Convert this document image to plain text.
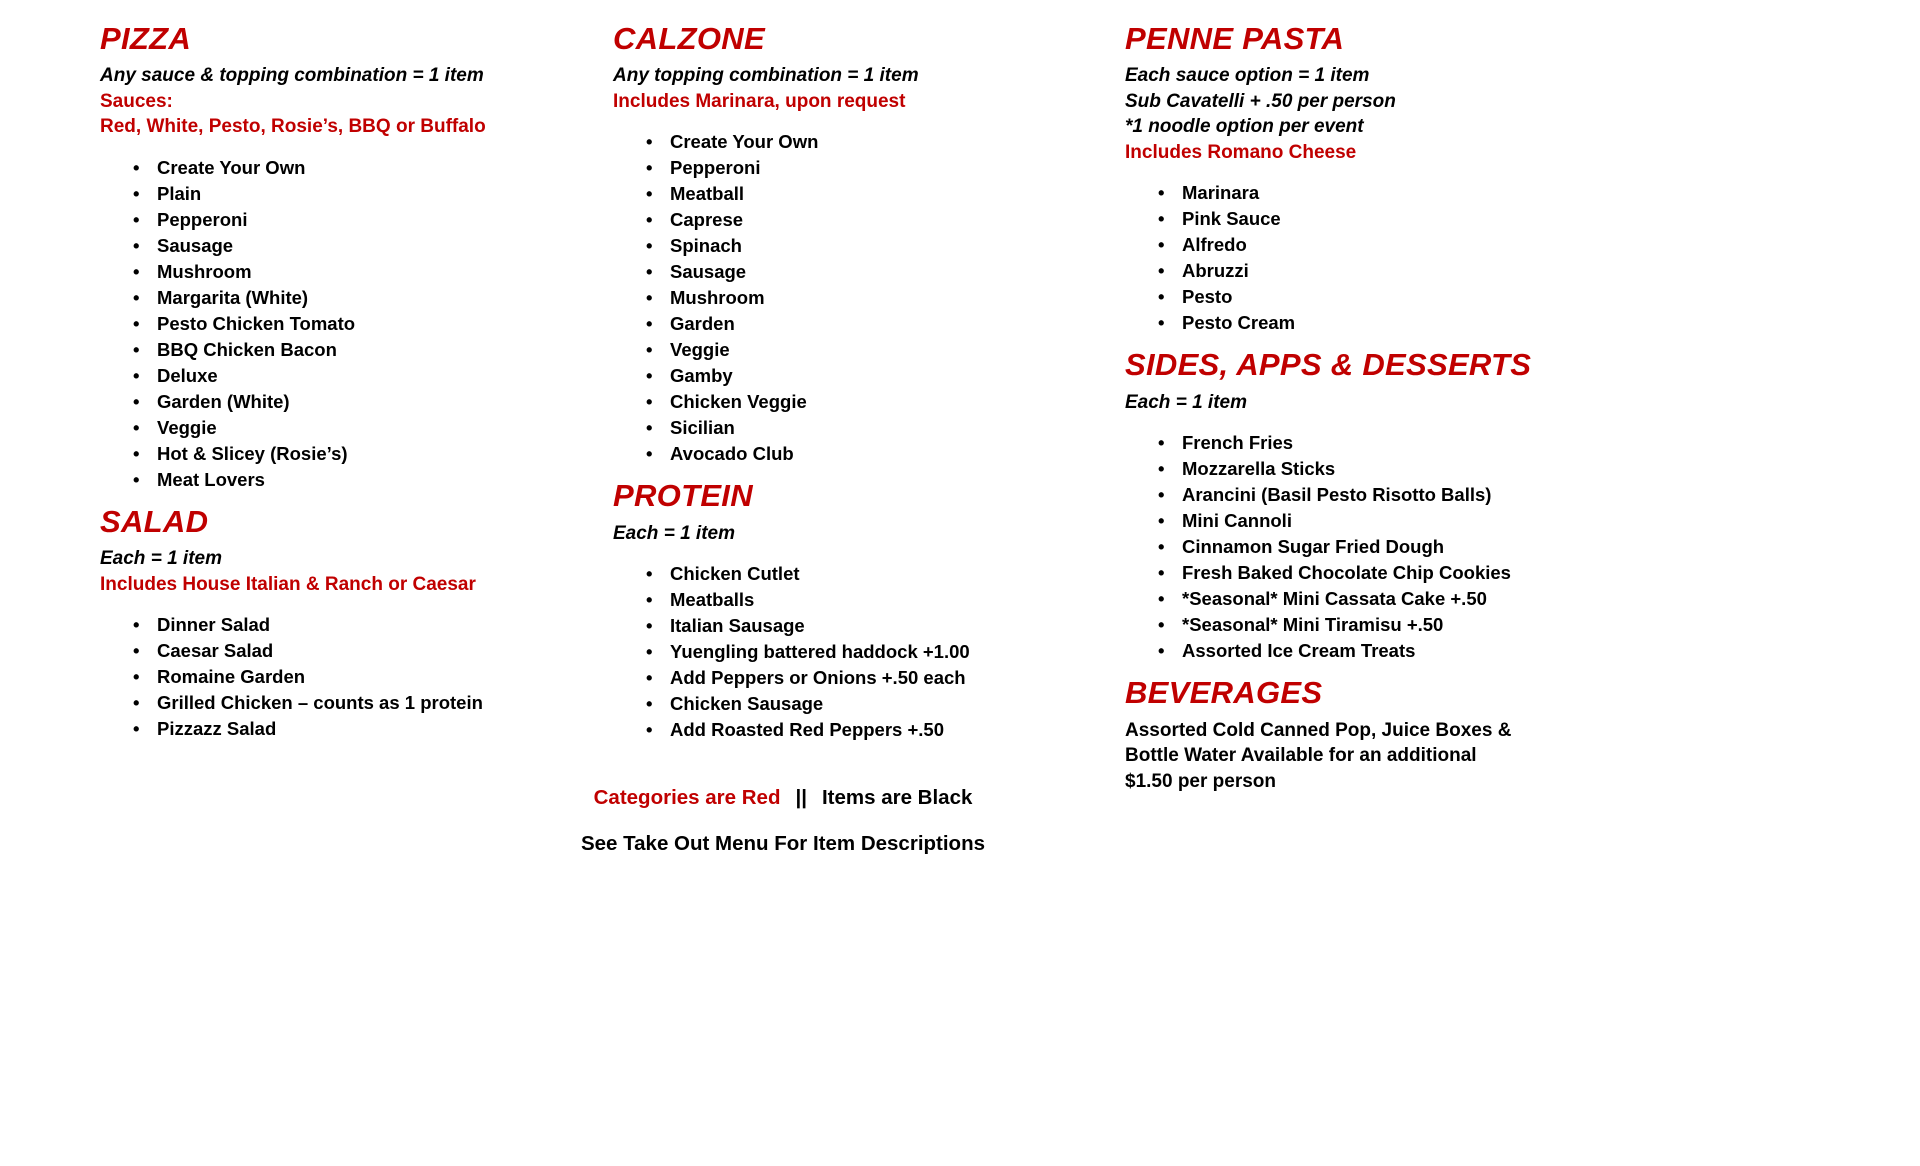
PIZZA
Any sauce & topping combination = 1 item
Sauces:
Red, White, Pesto, Rosie’s, BBQ or Buffalo
• Create Your Own
• Plain
• Pepperoni
• Sausage
• Mushroom
• Margarita (White)
• Pesto Chicken Tomato
• BBQ Chicken Bacon
• Deluxe
• Garden (White)
• Veggie
• Hot & Slicey (Rosie’s)
• Meat Lovers
SALAD
Each = 1 item
Includes House Italian & Ranch or Caesar
• Dinner Salad
• Caesar Salad
• Romaine Garden
• Grilled Chicken – counts as 1 protein
• Pizzazz Salad
CALZONE
Any topping combination = 1 item
Includes Marinara, upon request
• Create Your Own
• Pepperoni
• Meatball
• Caprese
• Spinach
• Sausage
• Mushroom
• Garden
• Veggie
• Gamby
• Chicken Veggie
• Sicilian
• Avocado Club
PROTEIN
Each = 1 item
• Chicken Cutlet
• Meatballs
• Italian Sausage
• Yuengling battered haddock +1.00
• Add Peppers or Onions +.50 each
• Chicken Sausage
• Add Roasted Red Peppers +.50
PENNE PASTA
Each sauce option = 1 item
Sub Cavatelli + .50 per person
*1 noodle option per event
Includes Romano Cheese
• Marinara
• Pink Sauce
• Alfredo
• Abruzzi
• Pesto
• Pesto Cream
SIDES, APPS & DESSERTS
Each = 1 item
• French Fries
• Mozzarella Sticks
• Arancini (Basil Pesto Risotto Balls)
• Mini Cannoli
• Cinnamon Sugar Fried Dough
• Fresh Baked Chocolate Chip Cookies
• *Seasonal* Mini Cassata Cake +.50
• *Seasonal* Mini Tiramisu +.50
• Assorted Ice Cream Treats
BEVERAGES
Assorted Cold Canned Pop, Juice Boxes &
Bottle Water Available for an additional
$1.50 per person
Categories are Red || Items are Black
See Take Out Menu For Item Descriptions
